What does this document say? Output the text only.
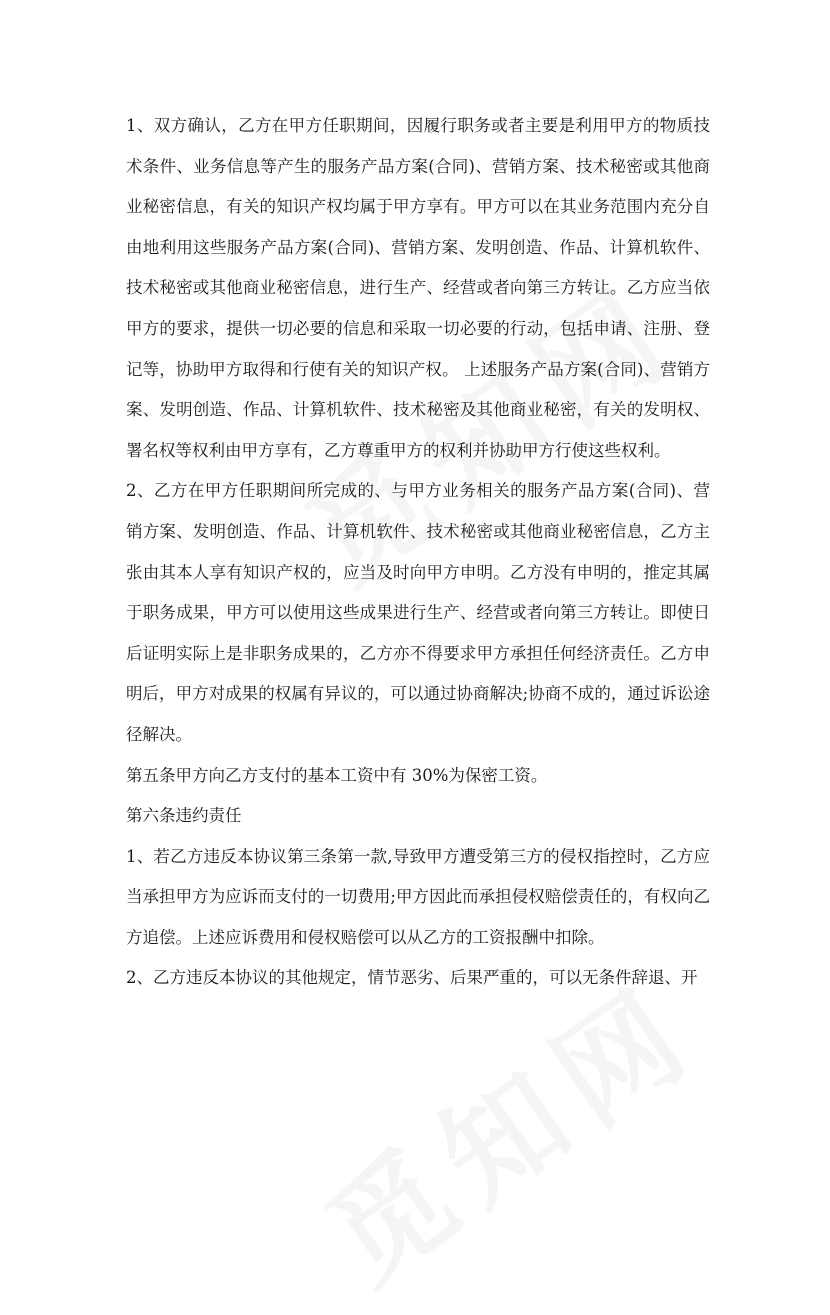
1、双方确认，乙方在甲方任职期间，因履行职务或者主要是利用甲方的物质技术条件、业务信息等产生的服务产品方案(合同)、营销方案、技术秘密或其他商业秘密信息，有关的知识产权均属于甲方享有。甲方可以在其业务范围内充分自由地利用这些服务产品方案(合同)、营销方案、发明创造、作品、计算机软件、技术秘密或其他商业秘密信息，进行生产、经营或者向第三方转让。乙方应当依甲方的要求，提供一切必要的信息和采取一切必要的行动，包括申请、注册、登记等，协助甲方取得和行使有关的知识产权。 上述服务产品方案(合同)、营销方案、发明创造、作品、计算机软件、技术秘密及其他商业秘密，有关的发明权、署名权等权利由甲方享有，乙方尊重甲方的权利并协助甲方行使这些权利。

2、乙方在甲方任职期间所完成的、与甲方业务相关的服务产品方案(合同)、营销方案、发明创造、作品、计算机软件、技术秘密或其他商业秘密信息，乙方主张由其本人享有知识产权的，应当及时向甲方申明。乙方没有申明的，推定其属于职务成果，甲方可以使用这些成果进行生产、经营或者向第三方转让。即使日后证明实际上是非职务成果的，乙方亦不得要求甲方承担任何经济责任。乙方申明后，甲方对成果的权属有异议的，可以通过协商解决;协商不成的，通过诉讼途径解决。

第五条甲方向乙方支付的基本工资中有 30%为保密工资。

第六条违约责任

1、若乙方违反本协议第三条第一款,导致甲方遭受第三方的侵权指控时，乙方应当承担甲方为应诉而支付的一切费用;甲方因此而承担侵权赔偿责任的，有权向乙方追偿。上述应诉费用和侵权赔偿可以从乙方的工资报酬中扣除。

2、乙方违反本协议的其他规定，情节恶劣、后果严重的，可以无条件辞退、开
